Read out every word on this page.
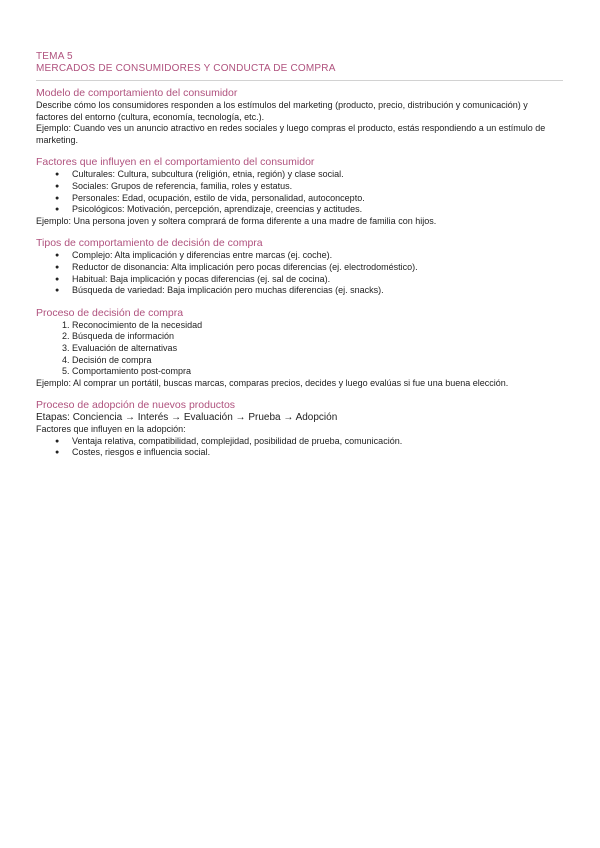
TEMA 5
MERCADOS DE CONSUMIDORES Y CONDUCTA DE COMPRA
Modelo de comportamiento del consumidor

Describe cómo los consumidores responden a los estímulos del marketing (producto, precio, distribución y comunicación) y factores del entorno (cultura, economía, tecnología, etc.).

Ejemplo: Cuando ves un anuncio atractivo en redes sociales y luego compras el producto, estás respondiendo a un estímulo de marketing.

Factores que influyen en el comportamiento del consumidor
● Culturales: Cultura, subcultura (religión, etnia, región) y clase social.
● Sociales: Grupos de referencia, familia, roles y estatus.
● Personales: Edad, ocupación, estilo de vida, personalidad, autoconcepto.
● Psicológicos: Motivación, percepción, aprendizaje, creencias y actitudes.

Ejemplo: Una persona joven y soltera comprará de forma diferente a una madre de familia con hijos.

Tipos de comportamiento de decisión de compra
● Complejo: Alta implicación y diferencias entre marcas (ej. coche).
● Reductor de disonancia: Alta implicación pero pocas diferencias (ej. electrodoméstico).
● Habitual: Baja implicación y pocas diferencias (ej. sal de cocina).
● Búsqueda de variedad: Baja implicación pero muchas diferencias (ej. snacks).
Proceso de decisión de compra
1. Reconocimiento de la necesidad
2. Búsqueda de información
3. Evaluación de alternativas
4. Decisión de compra
5. Comportamiento post-compra

Ejemplo: Al comprar un portátil, buscas marcas, comparas precios, decides y luego evalúas si fue una buena elección.

Proceso de adopción de nuevos productos

Etapas: Conciencia → Interés → Evaluación → Prueba → Adopción

Factores que influyen en la adopción:

● Ventaja relativa, compatibilidad, complejidad, posibilidad de prueba, comunicación.
● Costes, riesgos e influencia social.
